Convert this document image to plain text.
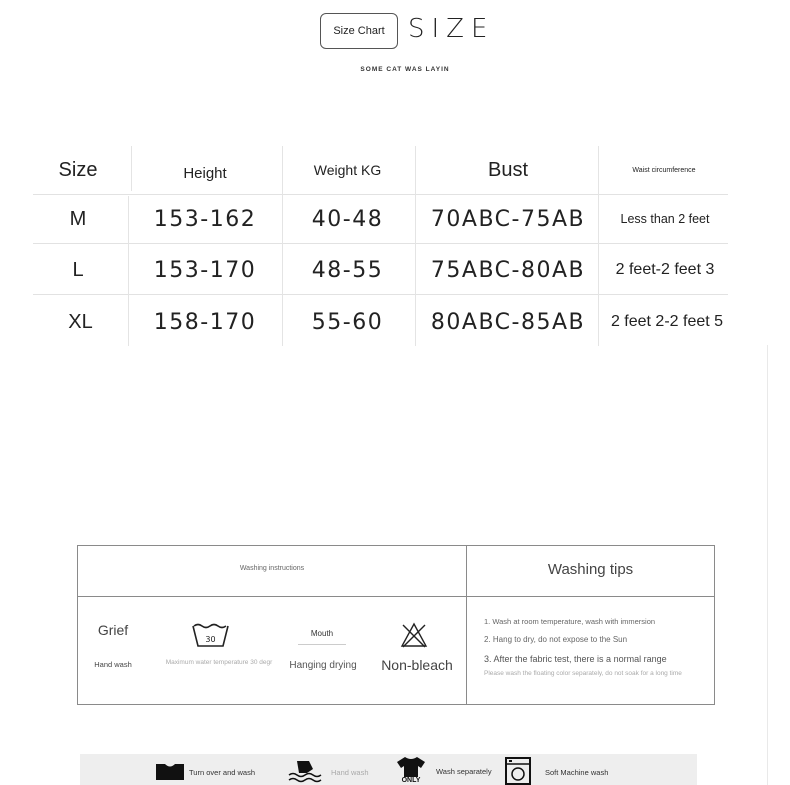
Size Chart SIZE
SOME CAT WAS LAYIN
Size	Height	Weight KG	Bust	Waist circumference
M	153-162	40-48	70ABC-75AB	Less than 2 feet
L	153-170	48-55	75ABC-80AB	2 feet-2 feet 3
XL	158-170	55-60	80ABC-85AB	2 feet 2-2 feet 5
Washing instructions	Washing tips
Grief
Hand wash
30
Maximum water temperature 30 degr
Mouth
Hanging drying	Non-bleach
1. Wash at room temperature, wash with immersion
2. Hang to dry, do not expose to the Sun
3. After the fabric test, there is a normal range
Please wash the floating color separately, do not soak for a long time
Turn over and wash	Hand wash
ONLY
Wash separately	Soft Machine wash
